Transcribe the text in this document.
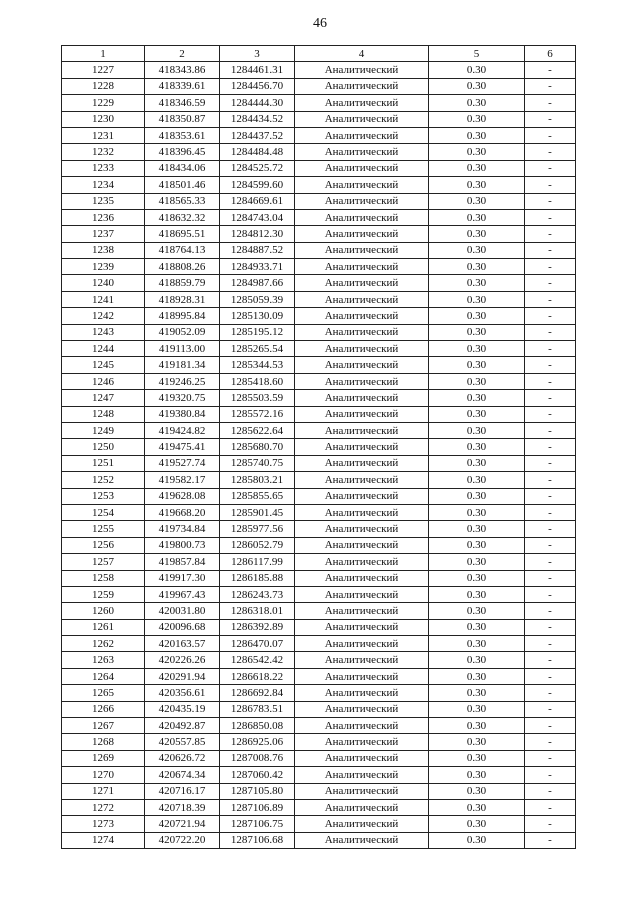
46
1	2	3	4	5	6
1227	418343.86	1284461.31	Аналитический	0.30	-
1228	418339.61	1284456.70	Аналитический	0.30	-
1229	418346.59	1284444.30	Аналитический	0.30	-
1230	418350.87	1284434.52	Аналитический	0.30	-
1231	418353.61	1284437.52	Аналитический	0.30	-
1232	418396.45	1284484.48	Аналитический	0.30	-
1233	418434.06	1284525.72	Аналитический	0.30	-
1234	418501.46	1284599.60	Аналитический	0.30	-
1235	418565.33	1284669.61	Аналитический	0.30	-
1236	418632.32	1284743.04	Аналитический	0.30	-
1237	418695.51	1284812.30	Аналитический	0.30	-
1238	418764.13	1284887.52	Аналитический	0.30	-
1239	418808.26	1284933.71	Аналитический	0.30	-
1240	418859.79	1284987.66	Аналитический	0.30	-
1241	418928.31	1285059.39	Аналитический	0.30	-
1242	418995.84	1285130.09	Аналитический	0.30	-
1243	419052.09	1285195.12	Аналитический	0.30	-
1244	419113.00	1285265.54	Аналитический	0.30	-
1245	419181.34	1285344.53	Аналитический	0.30	-
1246	419246.25	1285418.60	Аналитический	0.30	-
1247	419320.75	1285503.59	Аналитический	0.30	-
1248	419380.84	1285572.16	Аналитический	0.30	-
1249	419424.82	1285622.64	Аналитический	0.30	-
1250	419475.41	1285680.70	Аналитический	0.30	-
1251	419527.74	1285740.75	Аналитический	0.30	-
1252	419582.17	1285803.21	Аналитический	0.30	-
1253	419628.08	1285855.65	Аналитический	0.30	-
1254	419668.20	1285901.45	Аналитический	0.30	-
1255	419734.84	1285977.56	Аналитический	0.30	-
1256	419800.73	1286052.79	Аналитический	0.30	-
1257	419857.84	1286117.99	Аналитический	0.30	-
1258	419917.30	1286185.88	Аналитический	0.30	-
1259	419967.43	1286243.73	Аналитический	0.30	-
1260	420031.80	1286318.01	Аналитический	0.30	-
1261	420096.68	1286392.89	Аналитический	0.30	-
1262	420163.57	1286470.07	Аналитический	0.30	-
1263	420226.26	1286542.42	Аналитический	0.30	-
1264	420291.94	1286618.22	Аналитический	0.30	-
1265	420356.61	1286692.84	Аналитический	0.30	-
1266	420435.19	1286783.51	Аналитический	0.30	-
1267	420492.87	1286850.08	Аналитический	0.30	-
1268	420557.85	1286925.06	Аналитический	0.30	-
1269	420626.72	1287008.76	Аналитический	0.30	-
1270	420674.34	1287060.42	Аналитический	0.30	-
1271	420716.17	1287105.80	Аналитический	0.30	-
1272	420718.39	1287106.89	Аналитический	0.30	-
1273	420721.94	1287106.75	Аналитический	0.30	-
1274	420722.20	1287106.68	Аналитический	0.30	-
